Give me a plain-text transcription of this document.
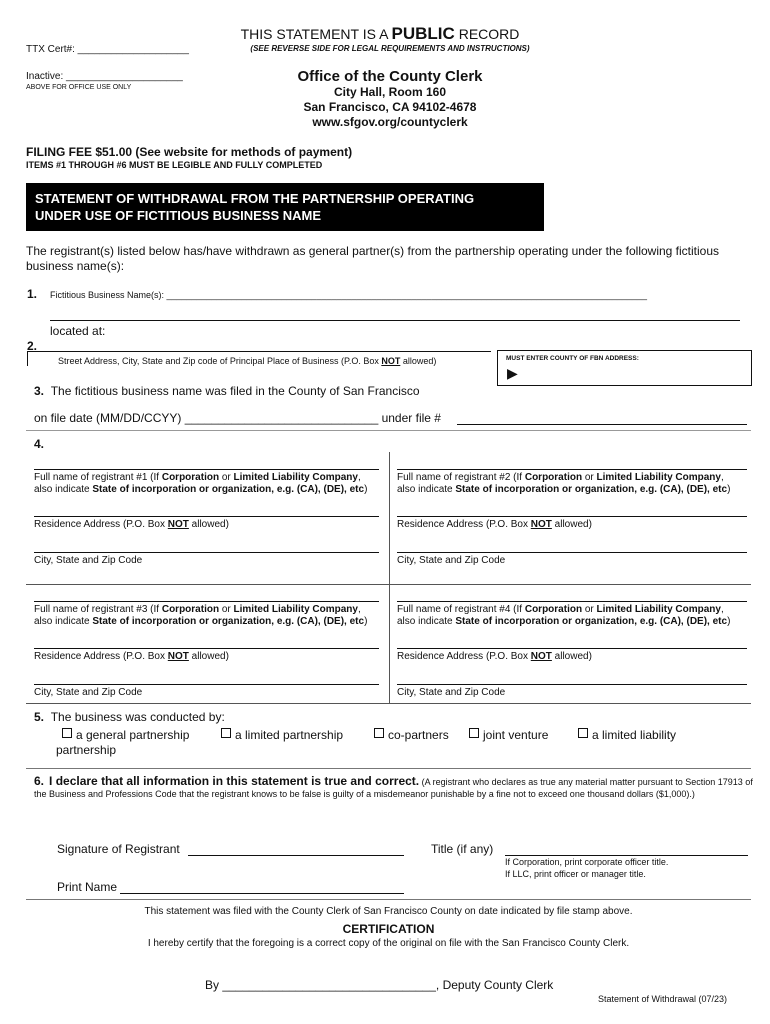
TTX Cert#: ____________________
Inactive: _____________________
ABOVE FOR OFFICE USE ONLY
THIS STATEMENT IS A PUBLIC RECORD
(SEE REVERSE SIDE FOR LEGAL REQUIREMENTS AND INSTRUCTIONS)
Office of the County Clerk
City Hall, Room 160
San Francisco, CA 94102-4678
www.sfgov.org/countyclerk
FILING FEE $51.00 (See website for methods of payment)
ITEMS #1 THROUGH #6 MUST BE LEGIBLE AND FULLY COMPLETED
STATEMENT OF WITHDRAWAL FROM THE PARTNERSHIP OPERATING
UNDER USE OF FICTITIOUS BUSINESS NAME
The registrant(s) listed below has/have withdrawn as general partner(s) from the partnership operating under the following fictitious business name(s):
1. Fictitious Business Name(s): ________________________________________________________________________________________________
located at:
2.
Street Address, City, State and Zip code of Principal Place of Business (P.O. Box NOT allowed)	MUST ENTER COUNTY OF FBN ADDRESS:
▶
3. The fictitious business name was filed in the County of San Francisco
on file date (MM/DD/CCYY) _____________________________ under file #
4.
Full name of registrant #1 (If Corporation or Limited Liability Company,
also indicate State of incorporation or organization, e.g. (CA), (DE), etc)
Residence Address (P.O. Box NOT allowed)
City, State and Zip Code
Full name of registrant #2 (If Corporation or Limited Liability Company,
also indicate State of incorporation or organization, e.g. (CA), (DE), etc)
Residence Address (P.O. Box NOT allowed)
City, State and Zip Code
Full name of registrant #3 (If Corporation or Limited Liability Company,
also indicate State of incorporation or organization, e.g. (CA), (DE), etc)
Residence Address (P.O. Box NOT allowed)
City, State and Zip Code
Full name of registrant #4 (If Corporation or Limited Liability Company,
also indicate State of incorporation or organization, e.g. (CA), (DE), etc)
Residence Address (P.O. Box NOT allowed)
City, State and Zip Code
5. The business was conducted by:
a general partnership	a limited partnership	co-partners	joint venture	a limited liability
partnership
6. I declare that all information in this statement is true and correct. (A registrant who declares as true any material matter pursuant to Section 17913 of the Business and Professions Code that the registrant knows to be false is guilty of a misdemeanor punishable by a fine not to exceed one thousand dollars ($1,000).)
Signature of Registrant	Title (if any)
If Corporation, print corporate officer title.
If LLC, print officer or manager title.
Print Name
This statement was filed with the County Clerk of San Francisco County on date indicated by file stamp above.
CERTIFICATION
I hereby certify that the foregoing is a correct copy of the original on file with the San Francisco County Clerk.
By ________________________________, Deputy County Clerk
Statement of Withdrawal (07/23)
